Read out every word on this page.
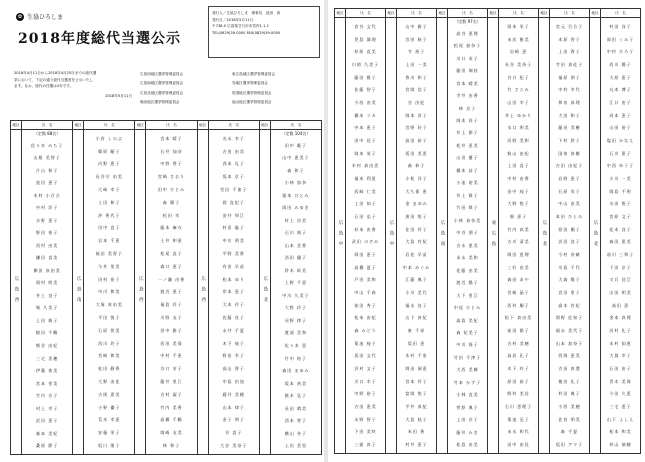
✿ 生協ひろしま
2018年度総代当選公示
発行人／生協ひろしま　理事長　池田　真
発行日／2018年5月11日
〒738-0 広島県廿日市市宮内1-1-1
TEL(0829)39-0000 FAX(0829)39-0000
2018年4月11日から2018年4月25日までの総代選
挙において、下記の通り総代当選者を公示いたし
ます。なお、総代の任期は2年です。
2018年5月11日
広島西地区選挙管理委員会	東広島地区選挙管理委員会
広島南地区選挙管理委員会	呉地区選挙管理委員会
広島北地区選挙管理委員会	尾道地区選挙管理委員会
備北地区選挙管理委員会	福山地区選挙管理委員会
地区
広島西
氏　名
（定数 88名）
佐々木 みち子
山根 美智子
片山 和子
池田 恵子
木村 小百合
中村 洋子
水野 恵子
野田 裕子
西村 由美
鎌田 直美
柳田 真由美
岡村 明美
井上 良子
堀 久美子
上田 典子
植田 千鶴
熊谷 由紀
三宅 美穂
伊藤 裕美
宮本 里美
竹内 京子
村上 幸子
浜田 恵子
森本 美紀
桑原 節子
地区
広島南
氏　名
小倉 しのぶ
篠原 順子
河野 恵子
長谷川 由美
大崎 幸子
上田 伸子
沖 香代子
田中 直子
岩本 千恵
福田 美智子
今井 里美
田村 裕子
中川 和美
大塚 真由美
平田 悦子
石原 智美
西川 玲子
宮崎 和美
松田 静香
大野 由佳
吉岡 恵美
小野 優子
荒木 幸恵
安藤 栄子
坂口 朋子
地区
広島西
氏　名
宮本 晴子
石井 加奈
中野 香子
宮崎 さおり
田中 ひとみ
森 陽子
松田 幸
藤本 麻衣
土井 和恵
松尾 直子
森口 恵子
一ノ瀬 由香
渡辺 恵子
福島 玲子
川野 友子
田中 雅子
西田 美保
中村 千恵
谷口 芳子
藤井 里江
吉村 淑子
竹内 美香
高橋 千鶴
岡崎 友美
林 和子
地区
広島西
氏　名
光永 幸子
吉田 由美
西本 礼子
坂本 京子
宮田 千加子
岡 直紀子
安井 和江
村田 聡子
中川 明美
平野 美香
有田 早苗
松本 ゆり
岸本 恵子
大本 玲子
佐藤 良子
永井 千夏
木下 純子
野田 幸子
高山 智子
中島 由加
藤井 美穂
山本 律子
金子 明子
谷 直子
大谷 美奈子
地区
広島北
氏　名
（定数 104名）
田中 範子
山中 恵美子
森 和子
小林 加奈
栗本 ひとみ
岡田 みゆき
村上 由美
石川 典子
山本 美香
西田 優子
鈴木 絵美
上野 千恵
中川 久美子
大野 玲子
河野 律子
渡部 美和
佐々木 恵
竹中 祐子
森田 まゆみ
坂本 裕美
植木 弘子
長田 晴美
西本 智子
横山 冬子
上田 美里
地区
広島中
氏　名
倉谷 文代
児島 満理
杉原 直美
川岡 久美子
藤田 敬子
佐藤 智子
今西 由美
橋本 リカ
中本 恵子
田中 佳子
岡本 英子
木村 真由美
福本 利恵
西崎 仁美
上田 知子
石田 弘子
杉本 由香
武田 のぞみ
岡田 恵子
高橋 夏子
戸田 美和
中山 千春
前田 秀子
松本 由紀
森 みどり
菊池 純子
坂田 文代
沢村 文子
川口 幸子
中野 裕子
吉田 恵美
永野 智子
下田 美咲
三浦 真子
地区
広島中
氏　名
山中 雅子
宮田 秋子
寺 裕子
上田 一美
香川 和子
宮岡 信子
谷 由紀
岡本 淳子
宮野 好子
高田 裕子
坂田 美恵
森 恭子
小松 洋子
大久保 恵
金 まゆみ
黒田 悦子
住田 玲子
大島 有紀
岩佐 早苗
中本 めぐみ
江藤 典子
小川 美代
福永 良子
山下 真紀
東 千尋
坂田 恵
木村 千里
岡田 瑞恵
宮本 玲子
富岡 悦子
平井 真紀
大島 桂子
米田 香
村井 恵子
地区
広島南
氏　名
（定数 97名）
高谷 恵理
松尾 加奈子
川口 英子
藤田 瑞枝
宮本 晴美
寺井 由香
林 京子
岡本 祥子
井上 節子
松井 恵美
山田 慶子
橋本 詠子
小池 裕美
井上 敬子
竹田 律子
小林 真奈美
中谷 朋子
吉永 恵美
末永 美和
佐藤 由美
渡辺 陽子
大下 里江
中尾 ひとみ
高島 美紀
森 紀美子
中川 保子
竹田 千津子
大西 美樹
竹本 かず子
小林 直美
菅原 典子
上田 京子
藤井 みき
松島 由美
地区
東広島
氏　名
岡本 栄子
末次 雅美
岩崎 恵
長谷 美奈子
谷口 紀子
竹 さとみ
山田 幸子
井上 ゆかり
水口 明美
河野 美和
秋山 由紀
上田 直子
中村 由香
田中 純子
大野 悦子
畑 恵子
竹内 真美
古川 清美
岡田 恵理
三好 由美
森田 あや
宮崎 晶子
西村 順子
松下 真由美
前田 節子
吉村 美穂
鳥居 礼子
木下 玲子
原田 裕子
野村 美佳
石川 恵理子
菊池 弘子
末永 和代
田中 由佳
地区
広島北
氏　名
宮元 百合子
木原 智子
上田 香子
寺田 真佐子
福原 則子
中村 幸代
和泉 真理
大田 和子
藤田 美樹
下村 鈴子
国家 真樹
吉田 由紀子
岩野 恵子
石原 栄子
中山 由美
本田 ひとみ
原田 順子
浜田 良子
今村 奈緒
川島 千代
大森 陽子
宮田 里子
高木 有紀
岡野 佐知子
福永 美代子
山本 加奈子
西岡 恵美
吉田 真澄
植田 礼子
村田 典子
小西 美穂
佐伯 明美
森 千夏
坂田 アヤ子
地区
広島北
氏　名
村田 良子
岡田 くみ子
中村 ひろ子
西川 陽子
大原 恵子
丸本 博子
江口 由子
河本 恵子
山田 裕子
塩田 かなえ
石川 恵子
中西 ゆう子
小川 一美
岡島 千明
水田 悦子
宮原 文子
花本 良子
森田 恵美
前川 三和子
下田 京子
又兵 佳江
山田 明美
高田 恵
金本 真理
河村 礼子
木村 知恵
大賀 幸子
石田 由子
青木 美保
今田 久恵
三宅 恵子
山下 よしえ
松本 和美
杉山 瑞穂
